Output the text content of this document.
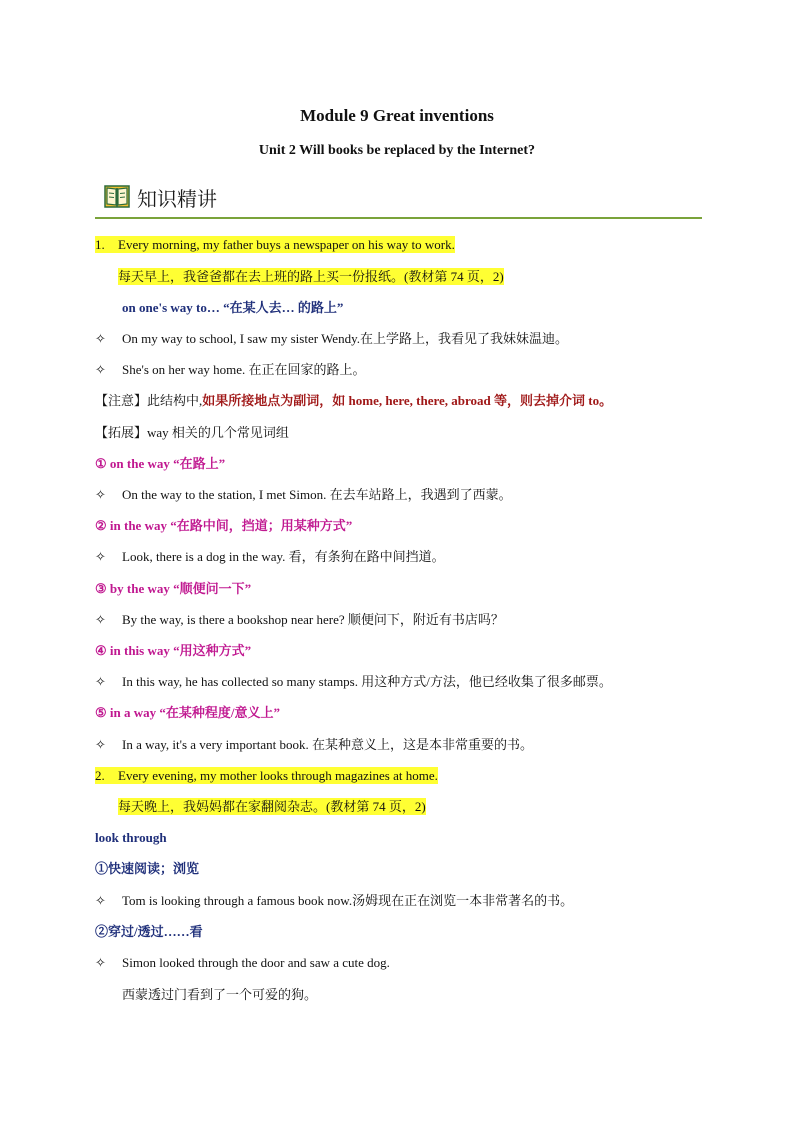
Module 9 Great inventions
Unit 2 Will books be replaced by the Internet?
知识精讲
1. Every morning, my father buys a newspaper on his way to work.
每天早上，我爸爸都在去上班的路上买一份报纸。(教材第 74 页，2)
on one's way to… “在某人去… 的路上”
✧ On my way to school, I saw my sister Wendy.在上学路上，我看见了我妹妹温迪。
✧ She's on her way home. 在正在回家的路上。
【注意】此结构中,如果所接地点为副词，如 home, here, there, abroad 等，则去掉介词 to。
【拓展】way 相关的几个常见词组
① on the way “在路上”
✧ On the way to the station, I met Simon. 在去车站路上，我遇到了西蒙。
② in the way “在路中间，挡道；用某种方式”
✧ Look, there is a dog in the way. 看，有条狗在路中间挡道。
③ by the way “顺便问一下”
✧ By the way, is there a bookshop near here? 顺便问下，附近有书店吗？
④ in this way “用这种方式”
✧ In this way, he has collected so many stamps. 用这种方式/方法，他已经收集了很多邮票。
⑤ in a way “在某种程度/意义上”
✧ In a way, it's a very important book. 在某种意义上，这是本非常重要的书。
2. Every evening, my mother looks through magazines at home.
每天晚上，我妈妈都在家翻阅杂志。(教材第 74 页，2)
look through
①快速阅读；浏览
✧ Tom is looking through a famous book now.汤姆现在正在浏览一本非常著名的书。
②穿过/透过……看
✧ Simon looked through the door and saw a cute dog.
西蒙透过门看到了一个可爱的狗。
